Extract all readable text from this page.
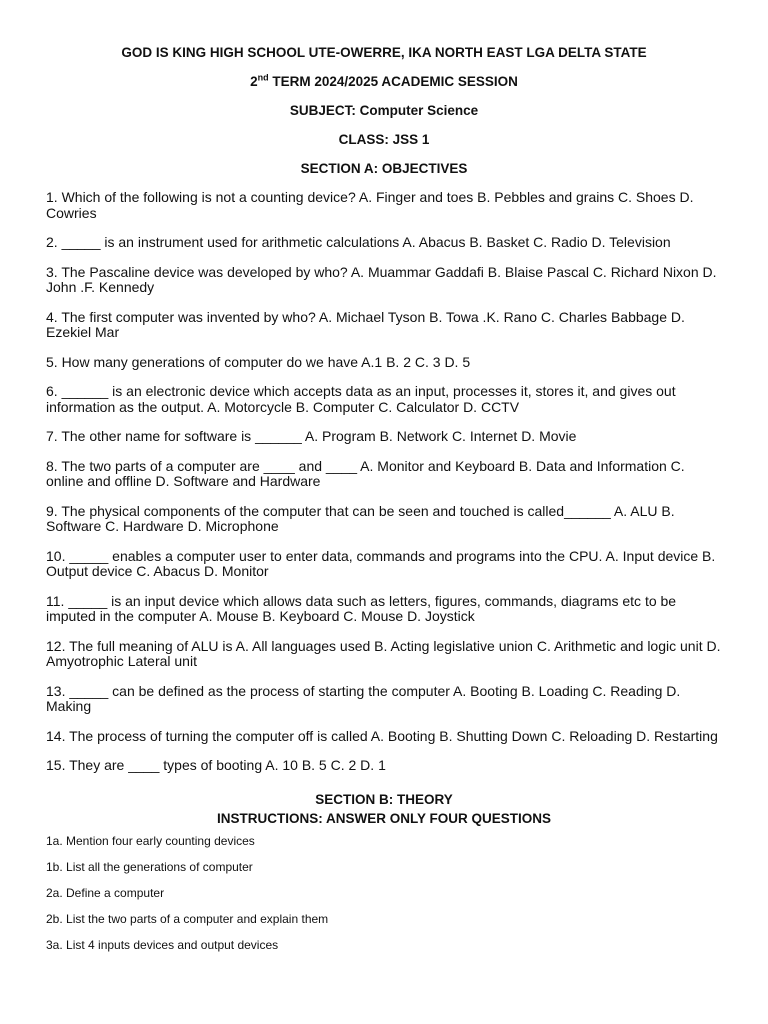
GOD IS KING HIGH SCHOOL UTE-OWERRE, IKA NORTH EAST LGA DELTA STATE
2nd TERM 2024/2025 ACADEMIC SESSION
SUBJECT: Computer Science
CLASS: JSS 1
SECTION A: OBJECTIVES
1. Which of the following is not a counting device? A. Finger and toes B. Pebbles and grains C. Shoes D. Cowries
2. _____ is an instrument used for arithmetic calculations A. Abacus B. Basket C. Radio D. Television
3. The Pascaline device was developed by who? A. Muammar Gaddafi B. Blaise Pascal C. Richard Nixon D. John .F. Kennedy
4. The first computer was invented by who? A. Michael Tyson B. Towa .K. Rano C. Charles Babbage D. Ezekiel Mar
5. How many generations of computer do we have A.1 B. 2 C. 3 D. 5
6. ______ is an electronic device which accepts data as an input, processes it, stores it, and gives out information as the output. A. Motorcycle B. Computer C. Calculator D. CCTV
7. The other name for software is ______ A. Program B. Network C. Internet D. Movie
8. The two parts of a computer are ____ and ____ A. Monitor and Keyboard B. Data and Information C. online and offline D. Software and Hardware
9. The physical components of the computer that can be seen and touched is called______ A. ALU B. Software C. Hardware D. Microphone
10. _____ enables a computer user to enter data, commands and programs into the CPU. A. Input device B. Output device C. Abacus D. Monitor
11. _____ is an input device which allows data such as letters, figures, commands, diagrams etc to be imputed in the computer A. Mouse B. Keyboard C. Mouse D. Joystick
12. The full meaning of ALU is A. All languages used B. Acting legislative union C. Arithmetic and logic unit D. Amyotrophic Lateral unit
13. _____ can be defined as the process of starting the computer A. Booting B. Loading C. Reading D. Making
14. The process of turning the computer off is called A. Booting B. Shutting Down C. Reloading D. Restarting
15. They are ____ types of booting A. 10 B. 5 C. 2 D. 1
SECTION B: THEORY
INSTRUCTIONS: ANSWER ONLY FOUR QUESTIONS
1a. Mention four early counting devices
1b. List all the generations of computer
2a. Define a computer
2b. List the two parts of a computer and explain them
3a. List 4 inputs devices and output devices
